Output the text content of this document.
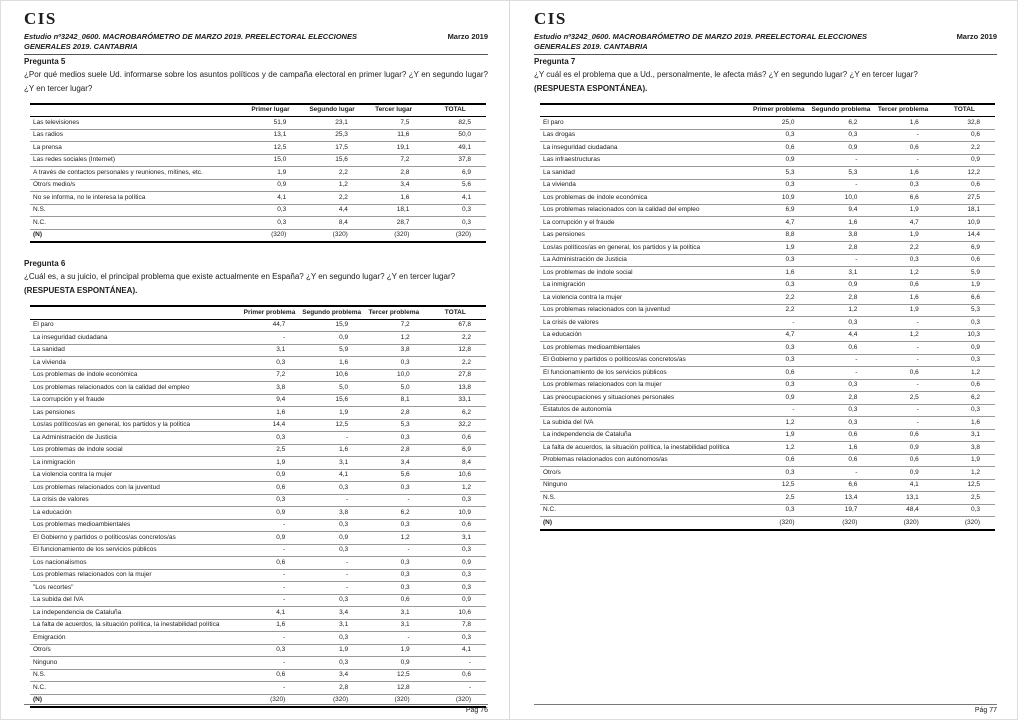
CIS
Estudio nº3242_0600. MACROBARÓMETRO DE MARZO 2019. PREELECTORAL ELECCIONES
GENERALES 2019. CANTABRIA
Marzo 2019
Pregunta 5
¿Por qué medios suele Ud. informarse sobre los asuntos políticos y de campaña electoral en primer lugar? ¿Y en segundo lugar? ¿Y en tercer lugar?
	Primer lugar	Segundo lugar	Tercer lugar	TOTAL
Las televisiones	51,9	23,1	7,5	82,5
Las radios	13,1	25,3	11,6	50,0
La prensa	12,5	17,5	19,1	49,1
Las redes sociales (Internet)	15,0	15,6	7,2	37,8
A través de contactos personales y reuniones, mítines, etc.	1,9	2,2	2,8	6,9
Otro/s medio/s	0,9	1,2	3,4	5,6
No se informa, no le interesa la política	4,1	2,2	1,6	4,1
N.S.	0,3	4,4	18,1	0,3
N.C.	0,3	8,4	28,7	0,3
(N)	(320)	(320)	(320)	(320)
Pregunta 6
¿Cuál es, a su juicio, el principal problema que existe actualmente en España? ¿Y en segundo lugar? ¿Y en tercer lugar?
(RESPUESTA ESPONTÁNEA).
	Primer problema	Segundo problema	Tercer problema	TOTAL
El paro	44,7	15,9	7,2	67,8
La inseguridad ciudadana	-	0,9	1,2	2,2
La sanidad	3,1	5,9	3,8	12,8
La vivienda	0,3	1,6	0,3	2,2
Los problemas de índole económica	7,2	10,6	10,0	27,8
Los problemas relacionados con la calidad del empleo	3,8	5,0	5,0	13,8
La corrupción y el fraude	9,4	15,6	8,1	33,1
Las pensiones	1,6	1,9	2,8	6,2
Los/as políticos/as en general, los partidos y la política	14,4	12,5	5,3	32,2
La Administración de Justicia	0,3	-	0,3	0,6
Los problemas de índole social	2,5	1,6	2,8	6,9
La inmigración	1,9	3,1	3,4	8,4
La violencia contra la mujer	0,9	4,1	5,6	10,6
Los problemas relacionados con la juventud	0,6	0,3	0,3	1,2
La crisis de valores	0,3	-	-	0,3
La educación	0,9	3,8	6,2	10,9
Los problemas medioambientales	-	0,3	0,3	0,6
El Gobierno y partidos o políticos/as concretos/as	0,9	0,9	1,2	3,1
El funcionamiento de los servicios públicos	-	0,3	-	0,3
Los nacionalismos	0,6	-	0,3	0,9
Los problemas relacionados con la mujer	-	-	0,3	0,3
"Los recortes"	-	-	0,3	0,3
La subida del IVA	-	0,3	0,6	0,9
La independencia de Cataluña	4,1	3,4	3,1	10,6
La falta de acuerdos, la situación política, la inestabilidad política	1,6	3,1	3,1	7,8
Emigración	-	0,3	-	0,3
Otro/s	0,3	1,9	1,9	4,1
Ninguno	-	0,3	0,9	-
N.S.	0,6	3,4	12,5	0,6
N.C.	-	2,8	12,8	-
(N)	(320)	(320)	(320)	(320)
Pág 76
CIS
Estudio nº3242_0600. MACROBARÓMETRO DE MARZO 2019. PREELECTORAL ELECCIONES
GENERALES 2019. CANTABRIA
Marzo 2019
Pregunta 7
¿Y cuál es el problema que a Ud., personalmente, le afecta más? ¿Y en segundo lugar? ¿Y en tercer lugar?
(RESPUESTA ESPONTÁNEA).
	Primer problema	Segundo problema	Tercer problema	TOTAL
El paro	25,0	6,2	1,6	32,8
Las drogas	0,3	0,3	-	0,6
La inseguridad ciudadana	0,6	0,9	0,6	2,2
Las infraestructuras	0,9	-	-	0,9
La sanidad	5,3	5,3	1,6	12,2
La vivienda	0,3	-	0,3	0,6
Los problemas de índole económica	10,9	10,0	6,6	27,5
Los problemas relacionados con la calidad del empleo	6,9	9,4	1,9	18,1
La corrupción y el fraude	4,7	1,6	4,7	10,9
Las pensiones	8,8	3,8	1,9	14,4
Los/as políticos/as en general, los partidos y la política	1,9	2,8	2,2	6,9
La Administración de Justicia	0,3	-	0,3	0,6
Los problemas de índole social	1,6	3,1	1,2	5,9
La inmigración	0,3	0,9	0,6	1,9
La violencia contra la mujer	2,2	2,8	1,6	6,6
Los problemas relacionados con la juventud	2,2	1,2	1,9	5,3
La crisis de valores	-	0,3	-	0,3
La educación	4,7	4,4	1,2	10,3
Los problemas medioambientales	0,3	0,6	-	0,9
El Gobierno y partidos o políticos/as concretos/as	0,3	-	-	0,3
El funcionamiento de los servicios públicos	0,6	-	0,6	1,2
Los problemas relacionados con la mujer	0,3	0,3	-	0,6
Las preocupaciones y situaciones personales	0,9	2,8	2,5	6,2
Estatutos de autonomía	-	0,3	-	0,3
La subida del IVA	1,2	0,3	-	1,6
La independencia de Cataluña	1,9	0,6	0,6	3,1
La falta de acuerdos, la situación política, la inestabilidad política	1,2	1,6	0,9	3,8
Problemas relacionados con autónomos/as	0,6	0,6	0,6	1,9
Otro/s	0,3	-	0,9	1,2
Ninguno	12,5	6,6	4,1	12,5
N.S.	2,5	13,4	13,1	2,5
N.C.	0,3	19,7	48,4	0,3
(N)	(320)	(320)	(320)	(320)
Pág 77
